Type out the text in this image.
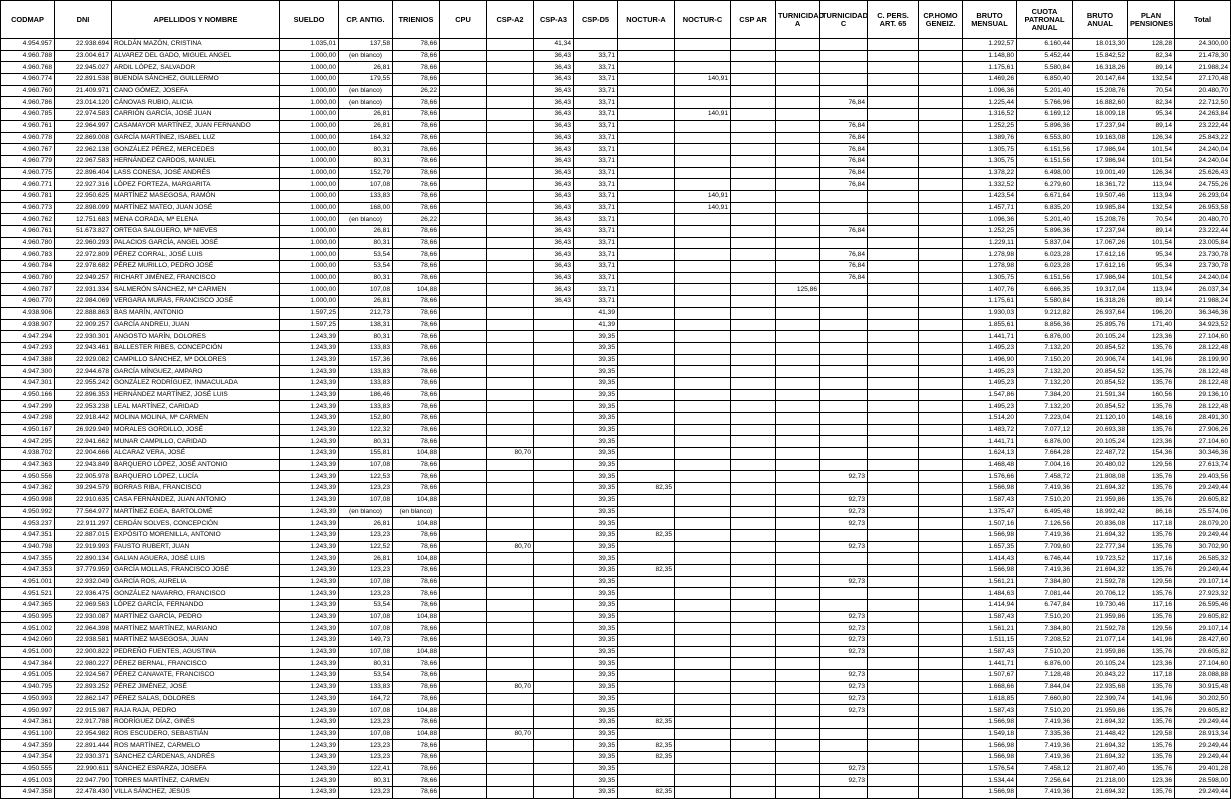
CODMAP	DNI	APELLIDOS Y NOMBRE	SUELDO	CP. ANTIG.	TRIENIOS	CPU	CSP-A2	CSP-A3	CSP-D5	NOCTUR-A	NOCTUR-C	CSP AR	TURNICIDAD A	TURNICIDAD C	C. PERS. ART. 65	CP.HOMO GENEIZ.	BRUTO MENSUAL	CUOTA PATRONAL ANUAL	BRUTO ANUAL	PLAN PENSIONES	Total
4.954.957	22.938.694	ROLDÁN MAZÓN, CRISTINA	1.035,01	137,58	78,66			41,34									1.292,57	6.160,44	18.013,30	128,28	24.300,00
4.960.788	23.004.617	ALVAREZ DEL GADO, MIGUEL ANGEL	1.000,00	(en blanco)	78,66			36,43	33,71								1.148,80	5.452,44	15.842,52	82,34	21.478,30
4.960.768	22.945.027	ARDIL LÓPEZ, SALVADOR	1.000,00	26,81	78,66			36,43	33,71								1.175,61	5.580,84	16.318,26	89,14	21.988,24
4.960.774	22.891.538	BUENDÍA SÁNCHEZ, GUILLERMO	1.000,00	179,55	78,66			36,43	33,71		140,91						1.469,26	6.850,40	20.147,64	132,54	27.170,48
4.960.760	21.409.971	CANO GÓMEZ, JOSEFA	1.000,00	(en blanco)	26,22			36,43	33,71								1.096,36	5.201,40	15.208,76	70,54	20.480,70
4.960.786	23.014.120	CÁNOVAS RUBIO, ALICIA	1.000,00	(en blanco)	78,66			36,43	33,71					76,84			1.225,44	5.766,96	16.882,60	82,34	22.712,50
4.960.785	22.974.583	CARRIÓN GARCÍA, JOSÉ JUAN	1.000,00	26,81	78,66			36,43	33,71		140,91						1.316,52	6.169,12	18.009,18	95,34	24.263,84
4.960.761	22.964.997	CASAMAYOR MARTÍNEZ, JUAN FERNANDO	1.000,00	26,81	78,66			36,43	33,71					76,84			1.252,25	5.896,36	17.237,94	89,14	23.222,44
4.960.778	22.869.008	GARCÍA MARTÍNEZ, ISABEL LUZ	1.000,00	164,32	78,66			36,43	33,71					76,84			1.389,76	6.553,80	19.163,08	126,34	25.843,22
4.960.767	22.962.138	GONZÁLEZ PÉREZ, MERCEDES	1.000,00	80,31	78,66			36,43	33,71					76,84			1.305,75	6.151,56	17.986,94	101,54	24.240,04
4.960.779	22.967.583	HERNÁNDEZ CARDOS, MANUEL	1.000,00	80,31	78,66			36,43	33,71					76,84			1.305,75	6.151,56	17.986,94	101,54	24.240,04
4.960.775	22.896.404	LASS CONESA, JOSÉ ANDRÉS	1.000,00	152,79	78,66			36,43	33,71					76,84			1.378,22	6.498,00	19.001,49	126,34	25.626,43
4.960.771	22.927.316	LÓPEZ FORTEZA, MARGARITA	1.000,00	107,08	78,66			36,43	33,71					76,84			1.332,52	6.279,60	18.361,72	113,94	24.755,26
4.960.781	22.950.625	MARTÍNEZ MASEGOSA, RAMÓN	1.000,00	133,83	78,66			36,43	33,71		140,91						1.423,54	6.671,64	19.507,46	113,94	26.293,04
4.960.773	22.898.099	MARTÍNEZ MATEO, JUAN JOSÉ	1.000,00	168,00	78,66			36,43	33,71		140,91						1.457,71	6.835,20	19.985,84	132,54	26.953,58
4.960.762	12.751.683	MENA CORADA, Mª ELENA	1.000,00	(en blanco)	26,22			36,43	33,71								1.096,36	5.201,40	15.208,76	70,54	20.480,70
4.960.761	51.673.827	ORTEGA SALGUERO, Mª NIEVES	1.000,00	26,81	78,66			36,43	33,71					76,84			1.252,25	5.896,36	17.237,94	89,14	23.222,44
4.960.780	22.960.293	PALACIOS GARCÍA, ANGEL JOSÉ	1.000,00	80,31	78,66			36,43	33,71								1.229,11	5.837,04	17.067,26	101,54	23.005,84
4.960.783	22.972.809	PÉREZ CORRAL, JOSÉ LUIS	1.000,00	53,54	78,66			36,43	33,71					76,84			1.278,98	6.023,28	17.612,16	95,34	23.730,78
4.960.784	22.978.682	PÉREZ MURILLO, PEDRO JOSÉ	1.000,00	53,54	78,66			36,43	33,71					76,84			1.278,98	6.023,28	17.612,16	95,34	23.730,78
4.960.780	22.949.257	RICHART JIMÉNEZ, FRANCISCO	1.000,00	80,31	78,66			36,43	33,71					76,84			1.305,75	6.151,56	17.986,94	101,54	24.240,04
4.960.787	22.931.334	SALMERÓN SÁNCHEZ, Mª CARMEN	1.000,00	107,08	104,88			36,43	33,71				125,86				1.407,76	6.666,35	19.317,04	113,94	26.037,34
4.960.770	22.984.069	VERGARA MURAS, FRANCISCO JOSÉ	1.000,00	26,81	78,66			36,43	33,71								1.175,61	5.580,84	16.318,26	89,14	21.988,24
4.938.906	22.888.863	BAS MARÍN, ANTONIO	1.597,25	212,73	78,66				41,39								1.930,03	9.212,82	26.937,64	196,20	36.346,36
4.938.907	22.909.257	GARCÍA ANDREU, JUAN	1.597,25	138,31	78,66				41,39								1.855,61	8.856,36	25.895,76	171,40	34.923,52
4.947.294	22.930.301	ANGOSTO MARÍN, DOLORES	1.243,39	80,31	78,66				39,35								1.441,71	6.876,00	20.105,24	123,36	27.104,60
4.947.293	22.943.461	BALLESTER RIBES, CONCEPCIÓN	1.243,39	133,83	78,66				39,35								1.495,23	7.132,20	20.854,52	135,76	28.122,48
4.947.388	22.929.082	CAMPILLO SÁNCHEZ, Mª DOLORES	1.243,39	157,36	78,66				39,35								1.496,90	7.150,20	20.906,74	141,96	28.199,90
4.947.300	22.944.678	GARCÍA MÍNGUEZ, AMPARO	1.243,39	133,83	78,66				39,35								1.495,23	7.132,20	20.854,52	135,76	28.122,48
4.947.301	22.955.242	GONZÁLEZ RODRÍGUEZ, INMACULADA	1.243,39	133,83	78,66				39,35								1.495,23	7.132,20	20.854,52	135,76	28.122,48
4.950.166	22.896.353	HERNÁNDEZ MARTÍNEZ, JOSÉ LUIS	1.243,39	186,46	78,66				39,35								1.547,86	7.384,20	21.591,34	160,56	29.136,10
4.947.299	22.953.238	LEAL MARTÍNEZ, CARIDAD	1.243,39	133,83	78,66				39,35								1.495,23	7.132,20	20.854,52	135,76	28.122,48
4.947.298	22.918.442	MOLINA MOLINA, Mª CARMEN	1.243,39	152,80	78,66				39,35								1.514,20	7.223,04	21.120,10	148,16	28.491,30
4.950.167	26.929.949	MORALES GORDILLO, JOSÉ	1.243,39	122,32	78,66				39,35								1.483,72	7.077,12	20.693,38	135,76	27.906,26
4.947.295	22.941.662	MUNAR CAMPILLO, CARIDAD	1.243,39	80,31	78,66				39,35								1.441,71	6.876,00	20.105,24	123,36	27.104,60
4.938.702	22.904.666	ALCARAZ VERA, JOSÉ	1.243,39	155,81	104,88		80,70		39,35								1.624,13	7.664,28	22.487,72	154,36	30.346,36
4.947.363	22.943.849	BARQUERO LÓPEZ, JOSÉ ANTONIO	1.243,39	107,08	78,66				39,35								1.468,48	7.004,16	20.480,02	129,56	27.613,74
4.950.556	22.905.978	BARQUERO LÓPEZ, LUCÍA	1.243,39	122,53	78,66				39,35					92,73			1.576,66	7.458,72	21.808,08	135,76	29.403,56
4.947.362	39.294.579	BORRAS RIBA, FRANCISCO	1.243,39	123,23	78,66				39,35	82,35							1.566,98	7.419,36	21.694,32	135,76	29.249,44
4.950.998	22.910.635	CASA FERNÁNDEZ, JUAN ANTONIO	1.243,39	107,08	104,88				39,35					92,73			1.587,43	7.510,20	21.959,86	135,76	29.605,82
4.950.992	77.564.977	MARTÍNEZ EGEA, BARTOLOMÉ	1.243,39	(en blanco)	(en blanco)				39,35					92,73			1.375,47	6.495,48	18.992,42	86,16	25.574,06
4.953.237	22.911.297	CERDÁN SOLVES, CONCEPCIÓN	1.243,39	26,81	104,88				39,35					92,73			1.507,16	7.126,56	20.836,08	117,18	28.079,20
4.947.351	22.887.015	EXPÓSITO MORENILLA, ANTONIO	1.243,39	123,23	78,66				39,35	82,35							1.566,98	7.419,36	21.694,32	135,76	29.249,44
4.940.798	22.919.993	FAUSTO RUBERT, JUAN	1.243,39	122,52	78,66		80,70		39,35					92,73			1.657,35	7.709,60	22.777,34	135,76	30.702,90
4.947.355	22.890.134	GALIAN AGUERA, JOSÉ LUIS	1.243,39	26,81	104,88				39,35								1.414,43	6.746,44	19.723,52	117,16	26.585,32
4.947.353	37.779.959	GARCÍA MOLLAS, FRANCISCO JOSÉ	1.243,39	123,23	78,66				39,35	82,35							1.566,98	7.419,36	21.694,32	135,76	29.249,44
4.951.001	22.932.049	GARCÍA ROS, AURELIA	1.243,39	107,08	78,66				39,35					92,73			1.561,21	7.384,80	21.592,78	129,56	29.107,14
4.951.521	22.936.475	GONZÁLEZ NAVARRO, FRANCISCO	1.243,39	123,23	78,66				39,35								1.484,63	7.081,44	20.706,12	135,76	27.923,32
4.947.365	22.969.563	LÓPEZ GARCÍA, FERNANDO	1.243,39	53,54	78,66				39,35								1.414,94	6.747,84	19.730,46	117,16	26.595,46
4.950.995	22.930.087	MARTÍNEZ GARCÍA, PEDRO	1.243,39	107,08	104,88				39,35					92,73			1.587,43	7.510,20	21.959,86	135,76	29.605,82
4.951.002	22.964.398	MARTÍNEZ MARTÍNEZ, MARIANO	1.243,39	107,08	78,66				39,35					92,73			1.561,21	7.384,80	21.592,78	129,56	29.107,14
4.942.060	22.938.581	MARTÍNEZ MASEGOSA, JUAN	1.243,39	149,73	78,66				39,35					92,73			1.511,15	7.208,52	21.077,14	141,96	28.427,60
4.951.000	22.900.822	PEDREÑO FUENTES, AGUSTINA	1.243,39	107,08	104,88				39,35					92,73			1.587,43	7.510,20	21.959,86	135,76	29.605,82
4.947.364	22.980.227	PÉREZ BERNAL, FRANCISCO	1.243,39	80,31	78,66				39,35								1.441,71	6.876,00	20.105,24	123,36	27.104,60
4.951.005	22.924.567	PÉREZ CANAVATE, FRANCISCO	1.243,39	53,54	78,66				39,35					92,73			1.507,67	7.128,48	20.843,22	117,18	28.088,88
4.940.795	22.893.252	PÉREZ JIMÉNEZ, JOSÉ	1.243,39	133,83	78,66		80,70		39,35					92,73			1.668,66	7.844,04	22.935,68	135,76	30.915,48
4.950.993	22.862.147	PÉREZ SALAS, DOLORES	1.243,39	164,72	78,66				39,35					92,73			1.618,85	7.660,80	22.399,74	141,96	30.202,50
4.950.997	22.915.987	RAJA RAJA, PEDRO	1.243,39	107,08	104,88				39,35					92,73			1.587,43	7.510,20	21.959,86	135,76	29.605,82
4.947.361	22.917.788	RODRÍGUEZ DÍAZ, GINÉS	1.243,39	123,23	78,66				39,35	82,35							1.566,98	7.419,36	21.694,32	135,76	29.249,44
4.951.100	22.954.982	ROS ESCUDERO, SEBASTIÁN	1.243,39	107,08	104,88		80,70		39,35								1.549,18	7.335,36	21.448,42	129,58	28.913,34
4.947.359	22.891.444	ROS MARTÍNEZ, CARMELO	1.243,39	123,23	78,66				39,35	82,35							1.566,98	7.419,36	21.694,32	135,76	29.249,44
4.947.354	22.930.371	SÁNCHEZ CÁRDENAS, ANDRÉS	1.243,39	123,23	78,66				39,35	82,35							1.566,98	7.419,36	21.694,32	135,76	29.249,44
4.950.555	22.990.611	SÁNCHEZ ESPARZA, JOSEFA	1.243,39	122,41	78,66				39,35					92,73			1.576,54	7.458,12	21.807,40	135,76	29.401,28
4.951.003	22.947.790	TORRES MARTÍNEZ, CARMEN	1.243,39	80,31	78,66				39,35					92,73			1.534,44	7.256,64	21.218,00	123,36	28.598,00
4.947.358	22.478.430	VILLA SÁNCHEZ, JESÚS	1.243,39	123,23	78,66				39,35	82,35							1.566,98	7.419,36	21.694,32	135,76	29.249,44
